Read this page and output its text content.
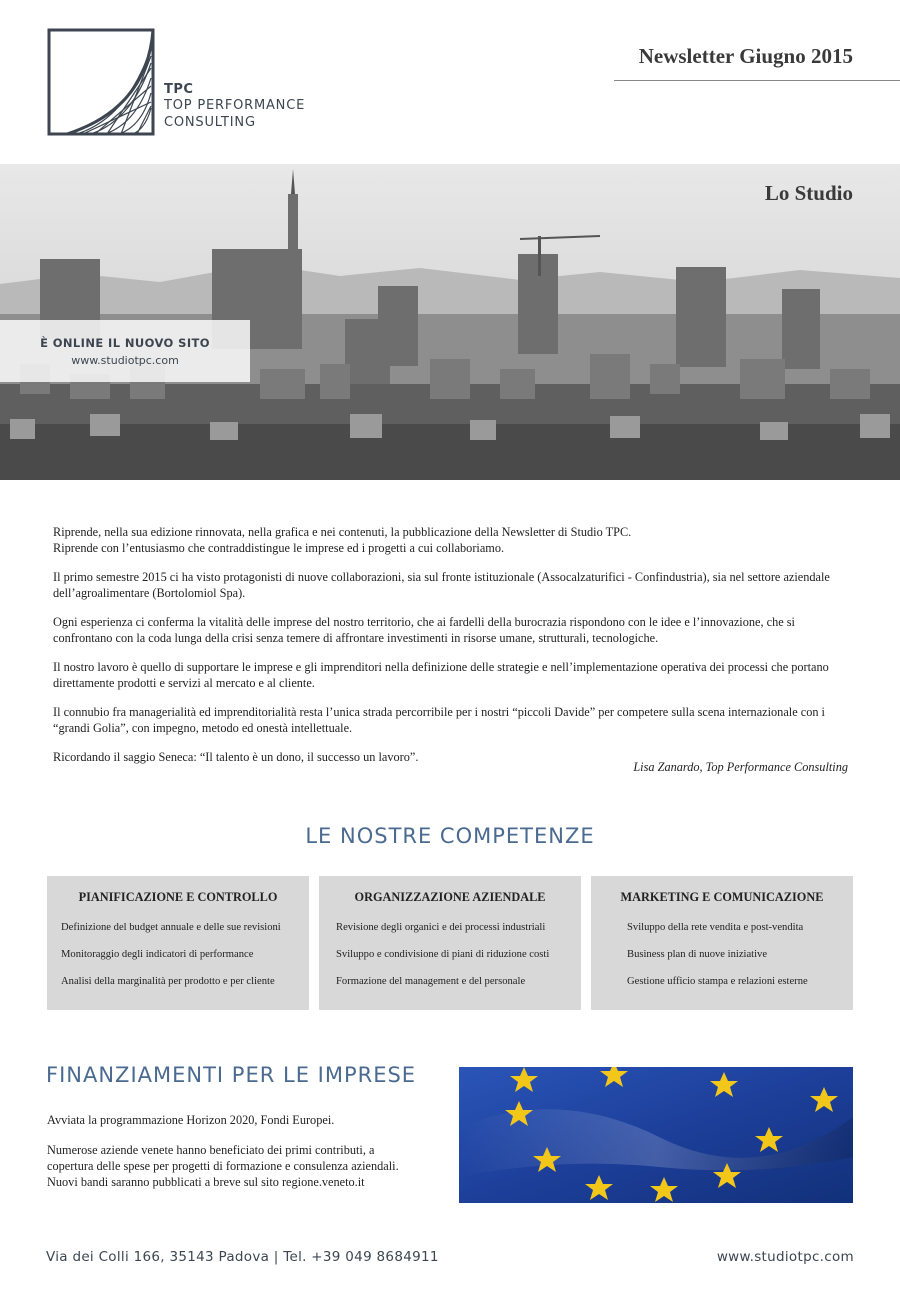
TPC
TOP PERFORMANCE
CONSULTING
Newsletter Giugno 2015
Lo Studio
È ONLINE IL NUOVO SITO
www.studiotpc.com

Riprende, nella sua edizione rinnovata, nella grafica e nei contenuti, la pubblicazione della Newsletter di Studio TPC.
Riprende con l’entusiasmo che contraddistingue le imprese ed i progetti a cui collaboriamo.

Il primo semestre 2015 ci ha visto protagonisti di nuove collaborazioni, sia sul fronte istituzionale (Assocalzaturifici - Confindustria), sia nel settore aziendale dell’agroalimentare (Bortolomiol Spa).

Ogni esperienza ci conferma la vitalità delle imprese del nostro territorio, che ai fardelli della burocrazia rispondono con le idee e l’innovazione, che si confrontano con la coda lunga della crisi senza temere di affrontare investimenti in risorse umane, strutturali, tecnologiche.

Il nostro lavoro è quello di supportare le imprese e gli imprenditori nella definizione delle strategie e nell’implementazione operativa dei processi che portano direttamente prodotti e servizi al mercato e al cliente.

Il connubio fra managerialità ed imprenditorialità resta l’unica strada percorribile per i nostri “piccoli Davide” per competere sulla scena internazionale con i “grandi Golia”, con impegno, metodo ed onestà intellettuale.

Ricordando il saggio Seneca: “Il talento è un dono, il successo un lavoro”.

Lisa Zanardo, Top Performance Consulting
LE NOSTRE COMPETENZE
PIANIFICAZIONE E CONTROLLO
Definizione del budget annuale e delle sue revisioni
Monitoraggio degli indicatori di performance
Analisi della marginalità per prodotto e per cliente
ORGANIZZAZIONE AZIENDALE
Revisione degli organici e dei processi industriali
Sviluppo e condivisione di piani di riduzione costi
Formazione del management e del personale
MARKETING E COMUNICAZIONE
Sviluppo della rete vendita e post-vendita
Business plan di nuove iniziative
Gestione ufficio stampa e relazioni esterne
FINANZIAMENTI PER LE IMPRESE

Avviata la programmazione Horizon 2020, Fondi Europei.

Numerose aziende venete hanno beneficiato dei primi contributi, a copertura delle spese per progetti di formazione e consulenza aziendali.

Nuovi bandi saranno pubblicati a breve sul sito regione.veneto.it

Via dei Colli 166, 35143 Padova | Tel. +39 049 8684911	www.studiotpc.com
